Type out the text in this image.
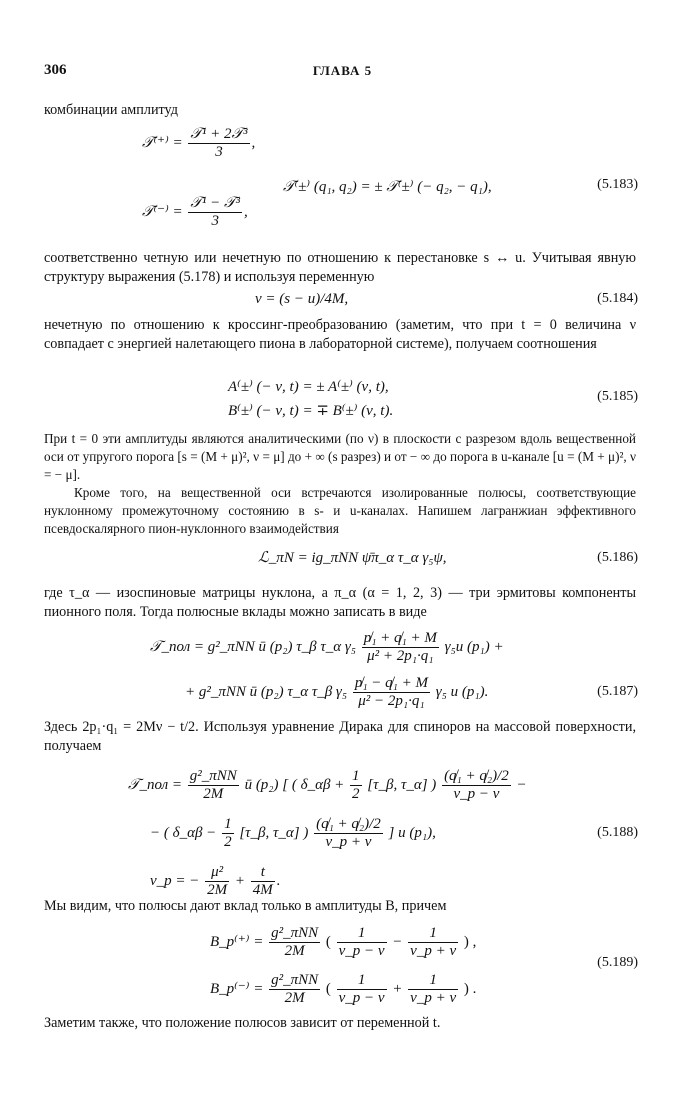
306	ГЛАВА 5
комбинации амплитуд
𝒯⁽⁺⁾ =
𝒯¹ + 2𝒯³
3
,
𝒯⁽±⁾ (q₁, q₂) = ± 𝒯⁽±⁾ (− q₂, − q₁),
𝒯⁽⁻⁾ =
𝒯¹ − 𝒯³
3
,
(5.183)
соответственно четную или нечетную по отношению к перестановке s ↔ u. Учитывая явную структуру выражения (5.178) и используя переменную
ν = (s − u)/4M,	(5.184)
нечетную по отношению к кроссинг-преобразованию (заметим, что при t = 0 величина ν совпадает с энергией налетающего пиона в лабораторной системе), получаем соотношения
A⁽±⁾ (− ν, t) = ± A⁽±⁾ (ν, t),
B⁽±⁾ (− ν, t) = ∓ B⁽±⁾ (ν, t).
(5.185)
При t = 0 эти амплитуды являются аналитическими (по ν) в плоскости с разрезом вдоль вещественной оси от упругого порога [s = (M + μ)², ν = μ] до + ∞ (s разрез) и от − ∞ до порога в u-канале [u = (M + μ)², ν = − μ].
Кроме того, на вещественной оси встречаются изолированные полюсы, соответствующие нуклонному промежуточному состоянию в s- и u-каналах. Напишем лагранжиан эффективного псевдоскалярного пион-нуклонного взаимодействия
ℒ_πN = ig_πNN ψ̄π_α τ_α γ₅ψ,	(5.186)
где τ_α — изоспиновые матрицы нуклона, а π_α (α = 1, 2, 3) — три эрмитовы компоненты пионного поля. Тогда полюсные вклады можно записать в виде
𝒯_пол = g²_πNN ū (p₂) τ_β τ_α $\gamma_5 \frac{\text{p̸₁ + q̸₁ + M}}{\text{μ² + 2p₁·q₁}} \gamma_5u$ (p₁) +
+ g²_πNN ū (p₂) τ_α τ_β $\gamma_5 \frac{\text{p̸₁ − q̸₁ + M}}{\text{μ² − 2p₁·q₁}} \gamma_5$ u (p₁).	(5.187)
Здесь 2p₁·q₁ = 2Mν − t/2. Используя уравнение Дирака для спиноров на массовой поверхности, получаем
𝒯_пол =
g²_πNN
2M
ū (p₂) [ ( δ_αβ + $\frac{1}{2}$ [τ_β, τ_α] ) $\frac{\text{(q̸₁ + q̸₂)/2}}{\nu\_p - \nu}$ −
− ( δ_αβ − $\frac{1}{2}$ [τ_β, τ_α] ) $\frac{\text{(q̸₁ + q̸₂)/2}}{\nu\_p + \nu}$ ] u (p₁),	(5.188)
ν_p = − $\frac{\text{μ²}}{2M} + \frac{t}{4M}$ .
Мы видим, что полюсы дают вклад только в амплитуды B, причем
B_p⁽⁺⁾ =
g²_πNN
2M
( $\frac{1}{\nu\_p - \nu} - \frac{1}{\nu\_p + \nu}$ ) ,
B_p⁽⁻⁾ =
g²_πNN
2M
( $\frac{1}{\nu\_p - \nu} + \frac{1}{\nu\_p + \nu}$ ) .
(5.189)
Заметим также, что положение полюсов зависит от переменной t.
